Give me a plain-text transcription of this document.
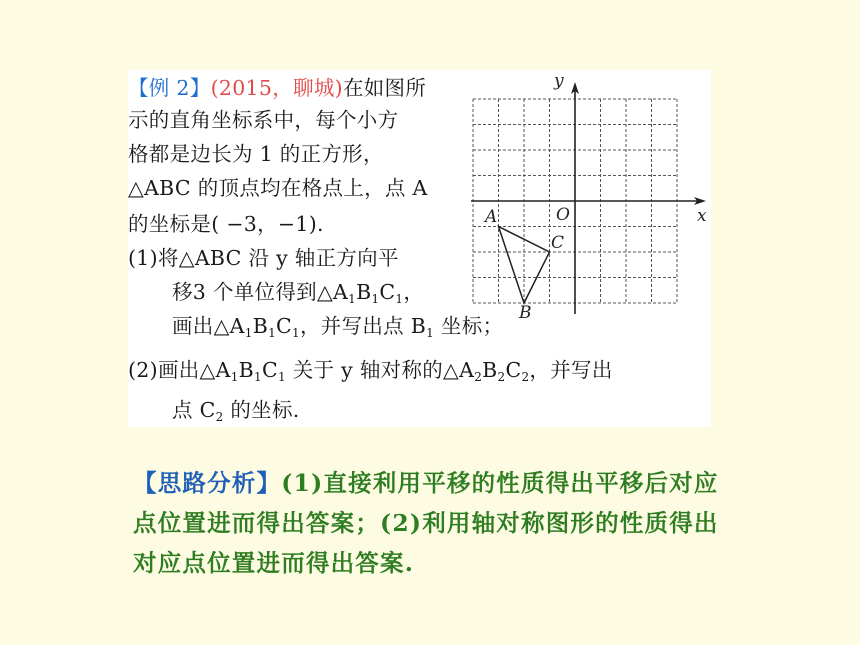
【例 2】(2015，聊城)在如图所
示的直角坐标系中，每个小方
格都是边长为 1 的正方形，
△ABC 的顶点均在格点上，点 A
的坐标是( −3，−1).
(1)将△ABC 沿 y 轴正方向平
移3 个单位得到$\triangle A_1B_1C_1$，
画出$\triangle A_1B_1C_1$，并写出点 $B_1$ 坐标；
(2)画出$\triangle A_1B_1C_1$ 关于 y 轴对称的$\triangle A_2B_2C_2$，并写出
点 $C_2$ 的坐标.
x
y
O
A
B
C
【思路分析】(1)直接利用平移的性质得出平移后对应
点位置进而得出答案；(2)利用轴对称图形的性质得出
对应点位置进而得出答案.
